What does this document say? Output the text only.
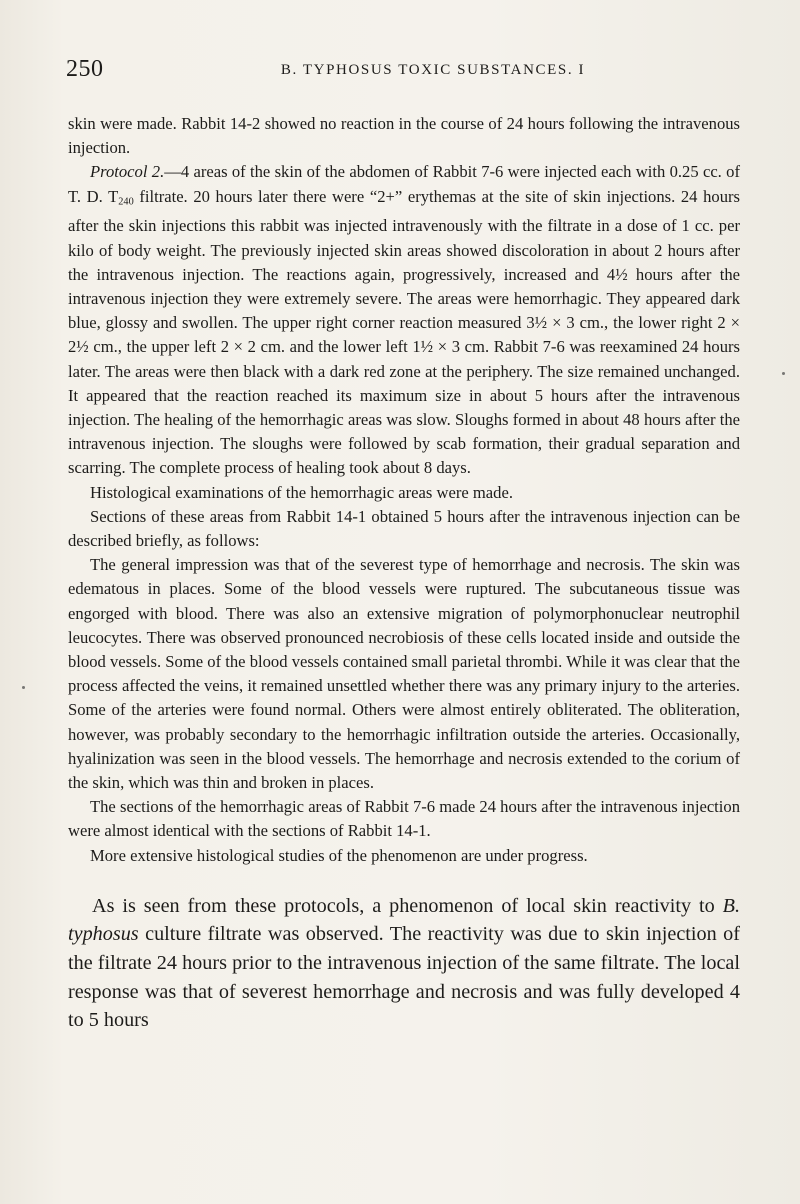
250	B. TYPHOSUS TOXIC SUBSTANCES. I

skin were made. Rabbit 14-2 showed no reaction in the course of 24 hours following the intravenous injection.

Protocol 2.—4 areas of the skin of the abdomen of Rabbit 7-6 were injected each with 0.25 cc. of T. D. $T_{240}$ filtrate. 20 hours later there were “2+” erythemas at the site of skin injections. 24 hours after the skin injections this rabbit was injected intravenously with the filtrate in a dose of 1 cc. per kilo of body weight. The previously injected skin areas showed discoloration in about 2 hours after the intravenous injection. The reactions again, progressively, increased and 4½ hours after the intravenous injection they were extremely severe. The areas were hemorrhagic. They appeared dark blue, glossy and swollen. The upper right corner reaction measured 3½ × 3 cm., the lower right 2 × 2½ cm., the upper left 2 × 2 cm. and the lower left 1½ × 3 cm. Rabbit 7-6 was reexamined 24 hours later. The areas were then black with a dark red zone at the periphery. The size remained unchanged. It appeared that the reaction reached its maximum size in about 5 hours after the intravenous injection. The healing of the hemorrhagic areas was slow. Sloughs formed in about 48 hours after the intravenous injection. The sloughs were followed by scab formation, their gradual separation and scarring. The complete process of healing took about 8 days.

Histological examinations of the hemorrhagic areas were made.

Sections of these areas from Rabbit 14-1 obtained 5 hours after the intravenous injection can be described briefly, as follows:

The general impression was that of the severest type of hemorrhage and necrosis. The skin was edematous in places. Some of the blood vessels were ruptured. The subcutaneous tissue was engorged with blood. There was also an extensive migration of polymorphonuclear neutrophil leucocytes. There was observed pronounced necrobiosis of these cells located inside and outside the blood vessels. Some of the blood vessels contained small parietal thrombi. While it was clear that the process affected the veins, it remained unsettled whether there was any primary injury to the arteries. Some of the arteries were found normal. Others were almost entirely obliterated. The obliteration, however, was probably secondary to the hemorrhagic infiltration outside the arteries. Occasionally, hyalinization was seen in the blood vessels. The hemorrhage and necrosis extended to the corium of the skin, which was thin and broken in places.

The sections of the hemorrhagic areas of Rabbit 7-6 made 24 hours after the intravenous injection were almost identical with the sections of Rabbit 14-1.

More extensive histological studies of the phenomenon are under progress.

As is seen from these protocols, a phenomenon of local skin reactivity to B. typhosus culture filtrate was observed. The reactivity was due to skin injection of the filtrate 24 hours prior to the intravenous injection of the same filtrate. The local response was that of severest hemorrhage and necrosis and was fully developed 4 to 5 hours
